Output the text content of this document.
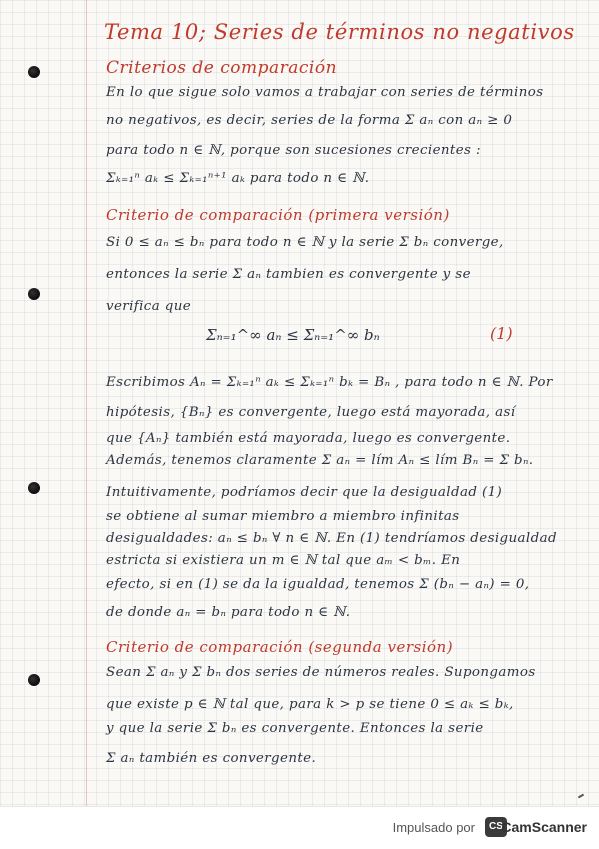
Tema 10; Series de términos no negativos
Criterios de comparación
En lo que sigue solo vamos a trabajar con series de términos
no negativos, es decir, series de la forma Σ aₙ con aₙ ≥ 0
para todo n ∈ ℕ, porque son sucesiones crecientes :
Σₖ₌₁ⁿ aₖ ≤ Σₖ₌₁ⁿ⁺¹ aₖ para todo n ∈ ℕ.
Criterio de comparación (primera versión)
Si 0 ≤ aₙ ≤ bₙ para todo n ∈ ℕ y la serie Σ bₙ converge,
entonces la serie Σ aₙ tambien es convergente y se
verifica que
Σₙ₌₁^∞ aₙ ≤ Σₙ₌₁^∞ bₙ	(1)
Escribimos Aₙ = Σₖ₌₁ⁿ aₖ ≤ Σₖ₌₁ⁿ bₖ = Bₙ , para todo n ∈ ℕ. Por
hipótesis, {Bₙ} es convergente, luego está mayorada, así
que {Aₙ} también está mayorada, luego es convergente.
Además, tenemos claramente Σ aₙ = lím Aₙ ≤ lím Bₙ = Σ bₙ.
Intuitivamente, podríamos decir que la desigualdad (1)
se obtiene al sumar miembro a miembro infinitas
desigualdades: aₙ ≤ bₙ ∀ n ∈ ℕ. En (1) tendríamos desigualdad
estricta si existiera un m ∈ ℕ tal que aₘ < bₘ. En
efecto, si en (1) se da la igualdad, tenemos Σ (bₙ − aₙ) = 0,
de donde aₙ = bₙ para todo n ∈ ℕ.
Criterio de comparación (segunda versión)
Sean Σ aₙ y Σ bₙ dos series de números reales. Supongamos
que existe p ∈ ℕ tal que, para k > p se tiene 0 ≤ aₖ ≤ bₖ,
y que la serie Σ bₙ es convergente. Entonces la serie
Σ aₙ también es convergente.
Impulsado por	CS
CamScanner
